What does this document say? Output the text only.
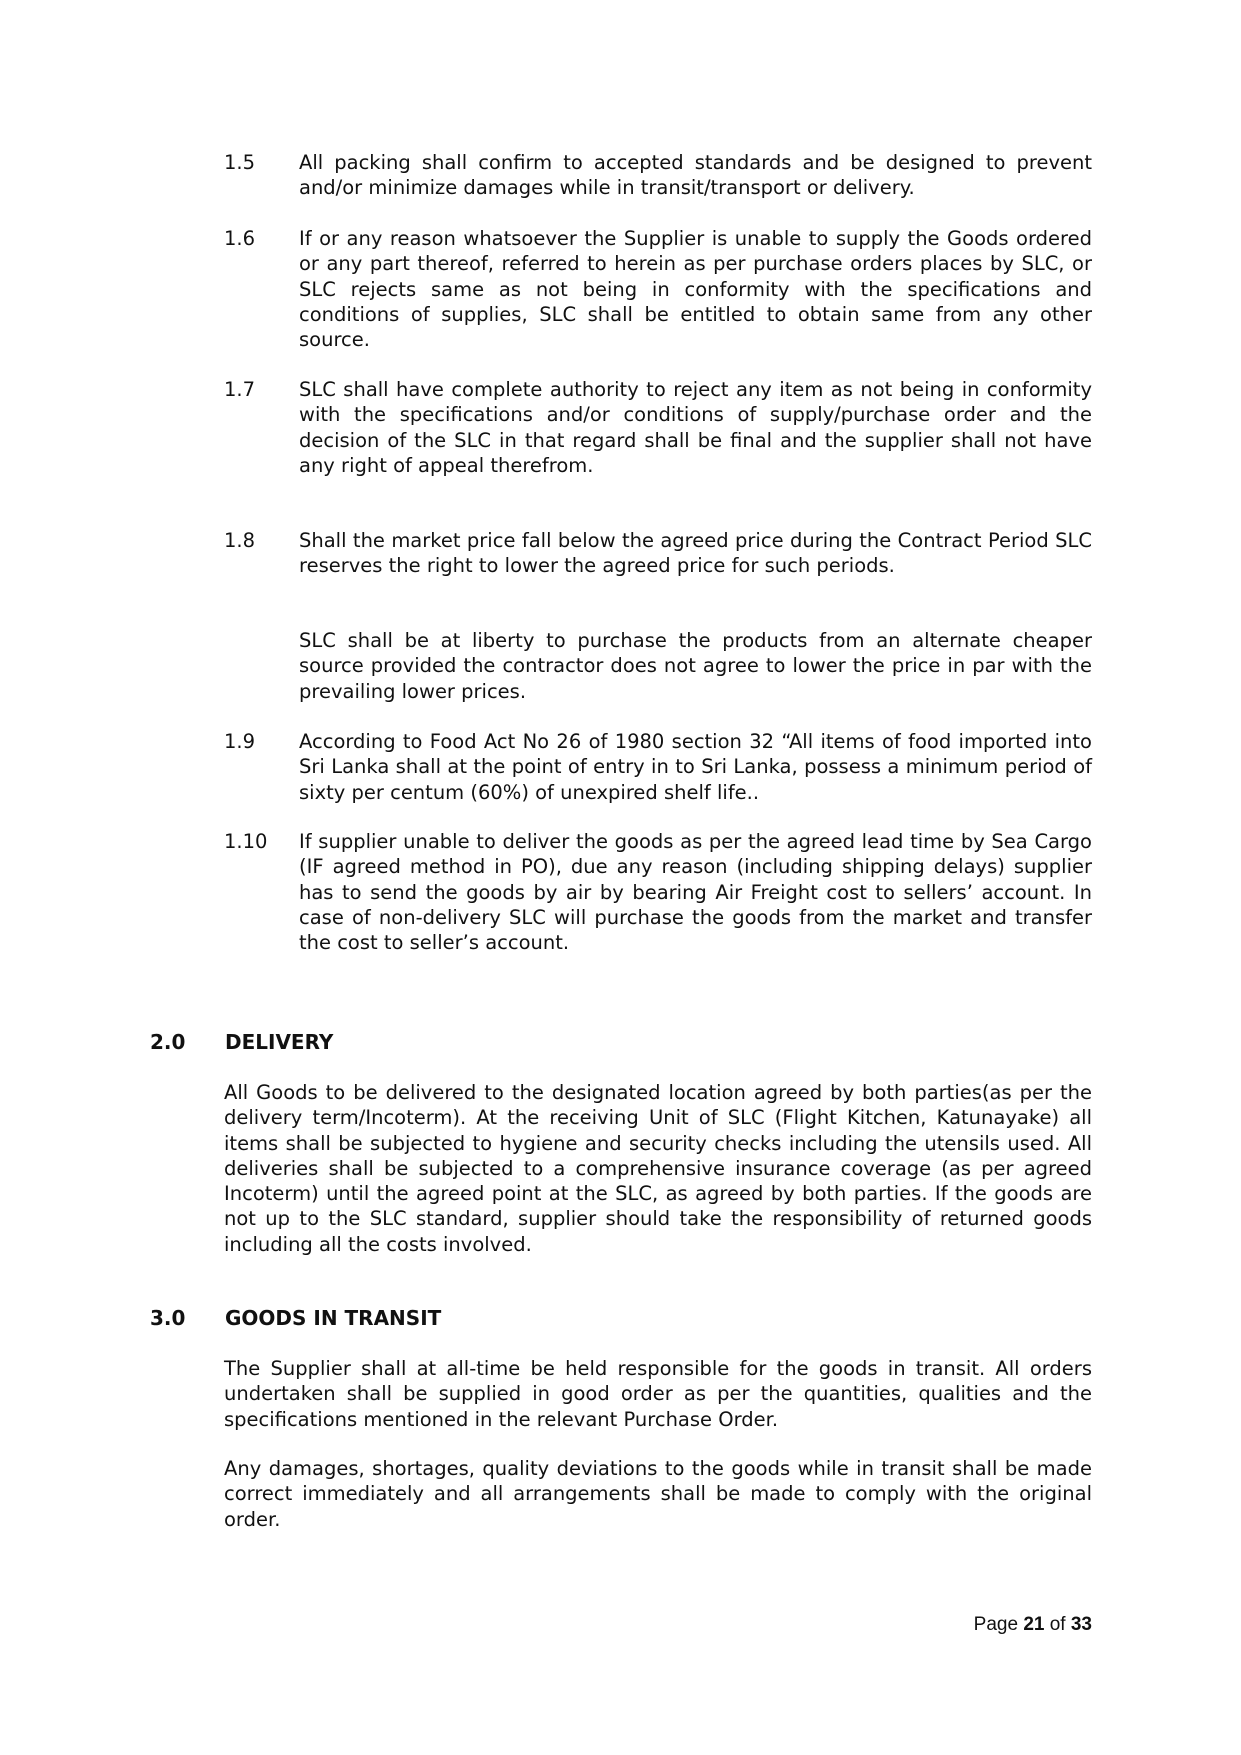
1.5 All packing shall confirm to accepted standards and be designed to prevent and/or minimize damages while in transit/transport or delivery.

1.6 If or any reason whatsoever the Supplier is unable to supply the Goods ordered or any part thereof, referred to herein as per purchase orders places by SLC, or SLC rejects same as not being in conformity with the specifications and conditions of supplies, SLC shall be entitled to obtain same from any other source.

1.7 SLC shall have complete authority to reject any item as not being in conformity with the specifications and/or conditions of supply/purchase order and the decision of the SLC in that regard shall be final and the supplier shall not have any right of appeal therefrom.

1.8 Shall the market price fall below the agreed price during the Contract Period SLC reserves the right to lower the agreed price for such periods.

SLC shall be at liberty to purchase the products from an alternate cheaper source provided the contractor does not agree to lower the price in par with the prevailing lower prices.

1.9 According to Food Act No 26 of 1980 section 32 “All items of food imported into Sri Lanka shall at the point of entry in to Sri Lanka, possess a minimum period of sixty per centum (60%) of unexpired shelf life..

1.10 If supplier unable to deliver the goods as per the agreed lead time by Sea Cargo (IF agreed method in PO), due any reason (including shipping delays) supplier has to send the goods by air by bearing Air Freight cost to sellers’ account. In case of non-delivery SLC will purchase the goods from the market and transfer the cost to seller’s account.

2.0 DELIVERY

All Goods to be delivered to the designated location agreed by both parties(as per the delivery term/Incoterm). At the receiving Unit of SLC (Flight Kitchen, Katunayake) all items shall be subjected to hygiene and security checks including the utensils used. All deliveries shall be subjected to a comprehensive insurance coverage (as per agreed Incoterm) until the agreed point at the SLC, as agreed by both parties. If the goods are not up to the SLC standard, supplier should take the responsibility of returned goods including all the costs involved.

3.0 GOODS IN TRANSIT

The Supplier shall at all-time be held responsible for the goods in transit. All orders undertaken shall be supplied in good order as per the quantities, qualities and the specifications mentioned in the relevant Purchase Order.

Any damages, shortages, quality deviations to the goods while in transit shall be made correct immediately and all arrangements shall be made to comply with the original order.

Page 21 of 33
